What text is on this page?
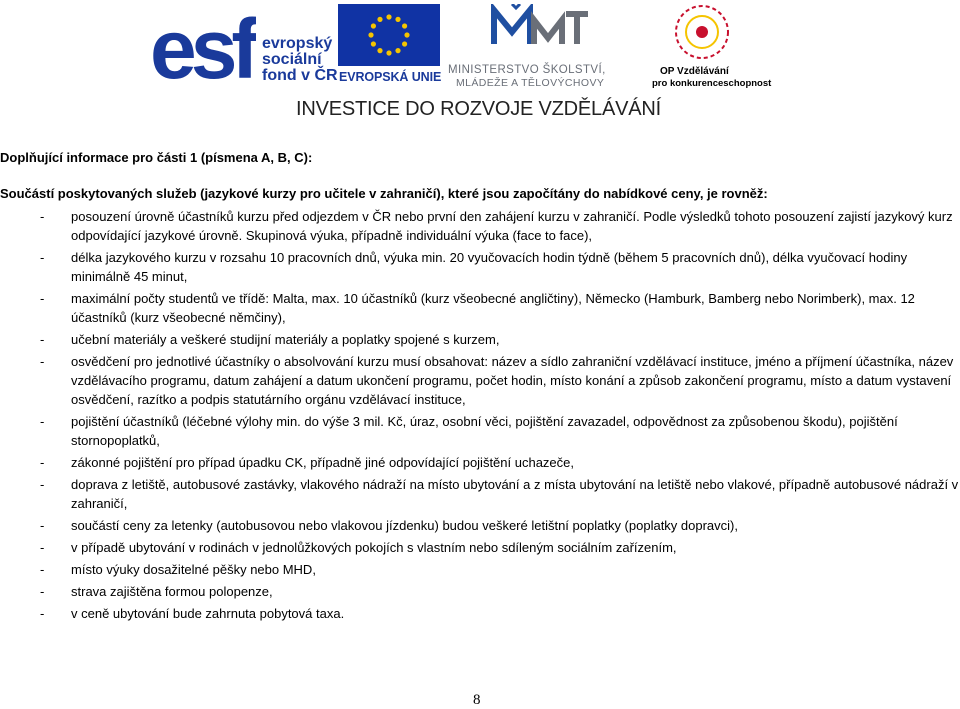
esf evropský
sociální
fond v ČR EVROPSKÁ UNIE MINISTERSTVO ŠKOLSTVÍ,
MLÁDEŽE A TĚLOVÝCHOVY
OP Vzdělávání
pro konkurenceschopnost
INVESTICE DO ROZVOJE VZDĚLÁVÁNÍ
Doplňující informace pro části 1 (písmena A, B, C):
Součástí poskytovaných služeb (jazykové kurzy pro učitele v zahraničí), které jsou započítány do nabídkové ceny, je rovněž:
- posouzení úrovně účastníků kurzu před odjezdem v ČR nebo první den zahájení kurzu v zahraničí. Podle výsledků tohoto posouzení zajistí jazykový kurz odpovídající jazykové úrovně. Skupinová výuka, případně individuální výuka (face to face),
- délka jazykového kurzu v rozsahu 10 pracovních dnů, výuka min. 20 vyučovacích hodin týdně (během 5 pracovních dnů), délka vyučovací hodiny minimálně 45 minut,
- maximální počty studentů ve třídě: Malta, max. 10 účastníků (kurz všeobecné angličtiny), Německo (Hamburk, Bamberg nebo Norimberk), max. 12 účastníků (kurz všeobecné němčiny),
- učební materiály a veškeré studijní materiály a poplatky spojené s kurzem,
- osvědčení pro jednotlivé účastníky o absolvování kurzu musí obsahovat: název a sídlo zahraniční vzdělávací instituce, jméno a příjmení účastníka, název vzdělávacího programu, datum zahájení a datum ukončení programu, počet hodin, místo konání a způsob zakončení programu, místo a datum vystavení osvědčení, razítko a podpis statutárního orgánu vzdělávací instituce,
- pojištění účastníků (léčebné výlohy min. do výše 3 mil. Kč, úraz, osobní věci, pojištění zavazadel, odpovědnost za způsobenou škodu), pojištění stornopoplatků,
- zákonné pojištění pro případ úpadku CK, případně jiné odpovídající pojištění uchazeče,
- doprava z letiště, autobusové zastávky, vlakového nádraží na místo ubytování a z místa ubytování na letiště nebo vlakové, případně autobusové nádraží v zahraničí,
- součástí ceny za letenky (autobusovou nebo vlakovou jízdenku) budou veškeré letištní poplatky (poplatky dopravci),
- v případě ubytování v rodinách v jednolůžkových pokojích s vlastním nebo sdíleným sociálním zařízením,
- místo výuky dosažitelné pěšky nebo MHD,
- strava zajištěna formou polopenze,
- v ceně ubytování bude zahrnuta pobytová taxa.
8
